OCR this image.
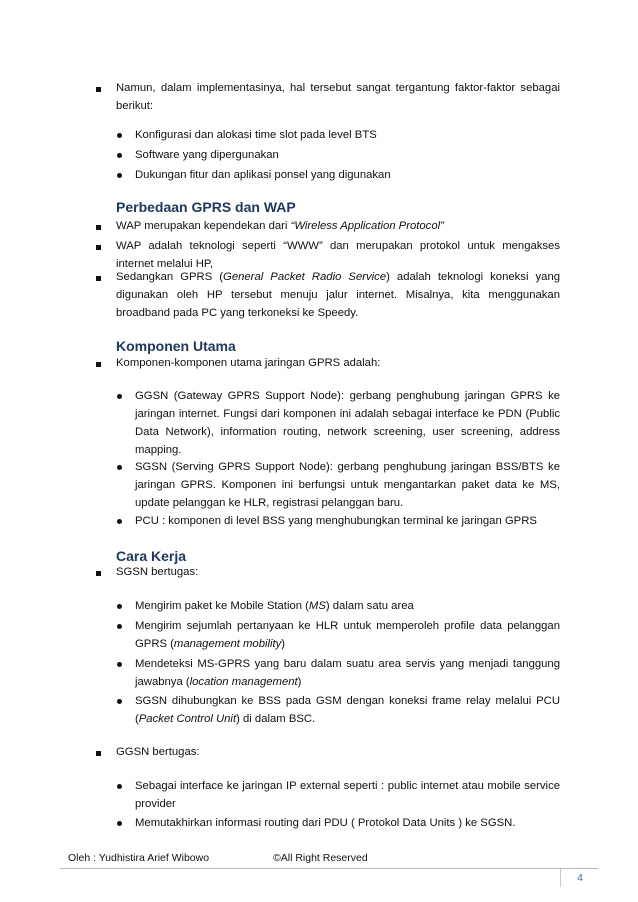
Namun, dalam implementasinya, hal tersebut sangat tergantung faktor-faktor sebagai berikut:
Konfigurasi dan alokasi time slot pada level BTS
Software yang dipergunakan
Dukungan fitur dan aplikasi ponsel yang digunakan
Perbedaan GPRS dan WAP
WAP merupakan kependekan dari “Wireless Application Protocol”
WAP adalah teknologi seperti “WWW” dan merupakan protokol untuk mengakses internet melalui HP,
Sedangkan GPRS (General Packet Radio Service) adalah teknologi koneksi yang digunakan oleh HP tersebut menuju jalur internet. Misalnya, kita menggunakan broadband pada PC yang terkoneksi ke Speedy.
Komponen Utama
Komponen-komponen utama jaringan GPRS adalah:
GGSN (Gateway GPRS Support Node): gerbang penghubung jaringan GPRS ke jaringan internet. Fungsi dari komponen ini adalah sebagai interface ke PDN (Public Data Network), information routing, network screening, user screening, address mapping.
SGSN (Serving GPRS Support Node): gerbang penghubung jaringan BSS/BTS ke jaringan GPRS. Komponen ini berfungsi untuk mengantarkan paket data ke MS, update pelanggan ke HLR, registrasi pelanggan baru.
PCU : komponen di level BSS yang menghubungkan terminal ke jaringan GPRS
Cara Kerja
SGSN bertugas:
Mengirim paket ke Mobile Station (MS) dalam satu area
Mengirim sejumlah pertanyaan ke HLR untuk memperoleh profile data pelanggan GPRS (management mobility)
Mendeteksi MS-GPRS yang baru dalam suatu area servis yang menjadi tanggung jawabnya (location management)
SGSN dihubungkan ke BSS pada GSM dengan koneksi frame relay melalui PCU (Packet Control Unit) di dalam BSC.
GGSN bertugas:
Sebagai interface ke jaringan IP external seperti : public internet atau mobile service provider
Memutakhirkan informasi routing dari PDU ( Protokol Data Units ) ke SGSN.
Oleh : Yudhistira Arief Wibowo	©All Right Reserved
4
